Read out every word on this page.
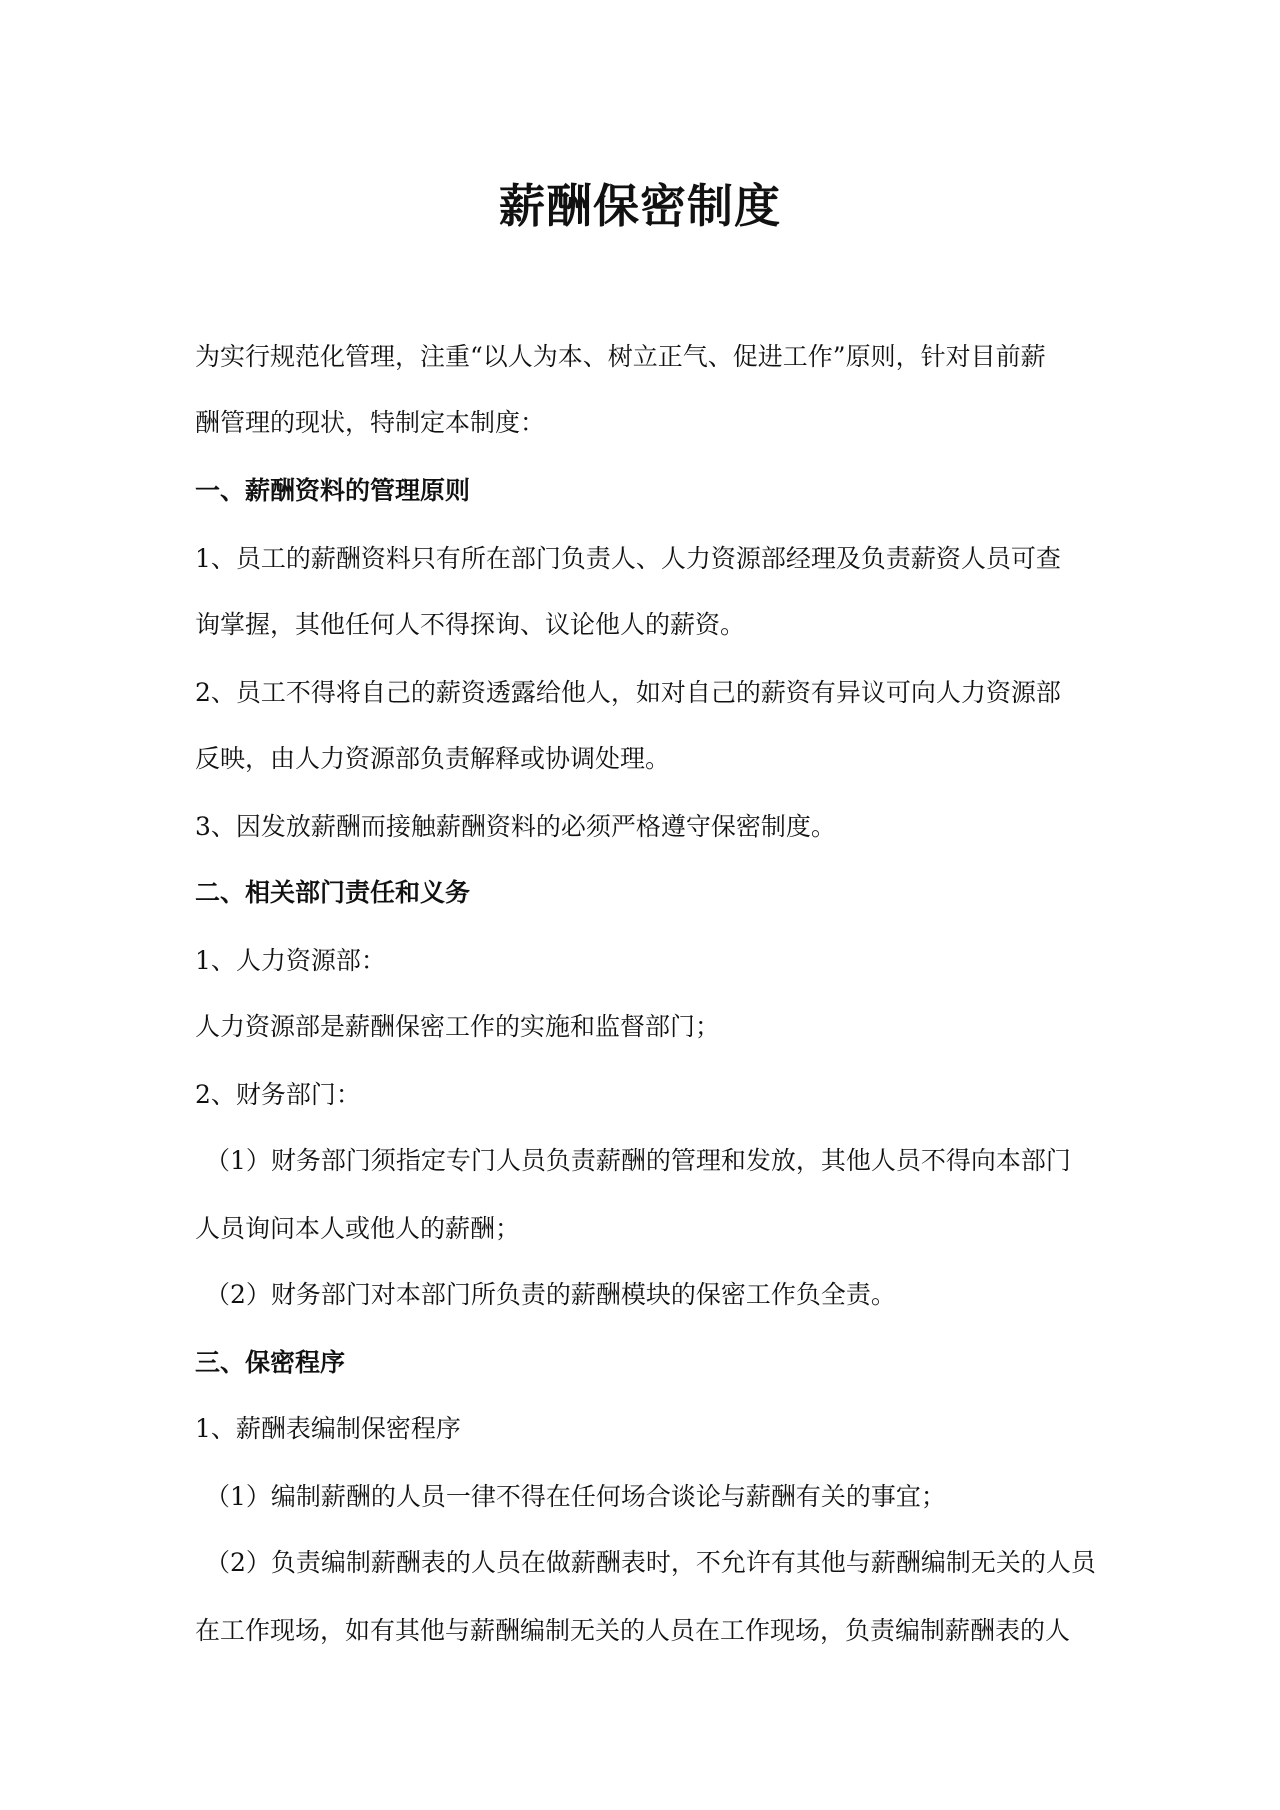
薪酬保密制度

为实行规范化管理，注重“以人为本、树立正气、促进工作”原则，针对目前薪

酬管理的现状，特制定本制度：

一、薪酬资料的管理原则

1、员工的薪酬资料只有所在部门负责人、人力资源部经理及负责薪资人员可查

询掌握，其他任何人不得探询、议论他人的薪资。

2、员工不得将自己的薪资透露给他人，如对自己的薪资有异议可向人力资源部

反映，由人力资源部负责解释或协调处理。

3、因发放薪酬而接触薪酬资料的必须严格遵守保密制度。

二、相关部门责任和义务

1、人力资源部：

人力资源部是薪酬保密工作的实施和监督部门；

2、财务部门：

（1）财务部门须指定专门人员负责薪酬的管理和发放，其他人员不得向本部门

人员询问本人或他人的薪酬；

（2）财务部门对本部门所负责的薪酬模块的保密工作负全责。

三、保密程序

1、薪酬表编制保密程序

（1）编制薪酬的人员一律不得在任何场合谈论与薪酬有关的事宜；

（2）负责编制薪酬表的人员在做薪酬表时，不允许有其他与薪酬编制无关的人员

在工作现场，如有其他与薪酬编制无关的人员在工作现场，负责编制薪酬表的人
